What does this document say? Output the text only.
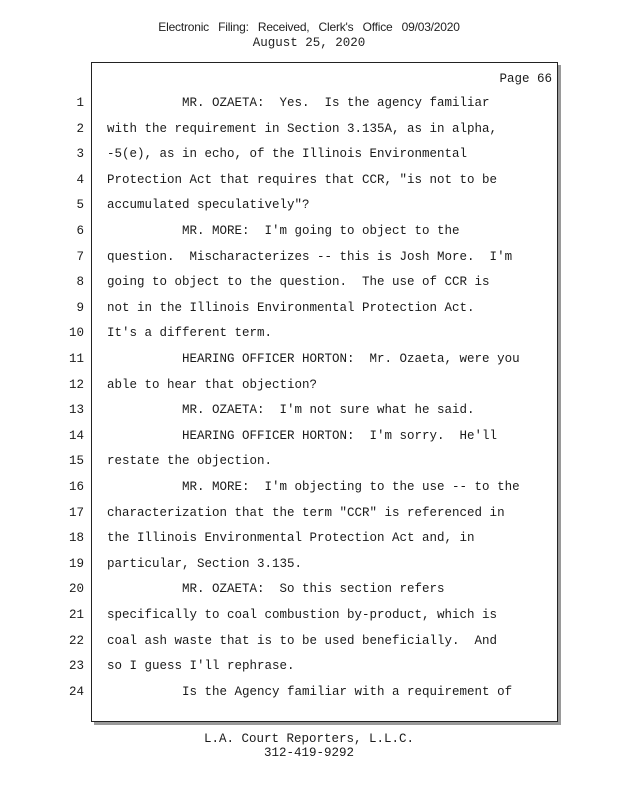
Electronic Filing: Received, Clerk's Office 09/03/2020
August 25, 2020
Page 66
1 MR. OZAETA:  Yes.  Is the agency familiar
2 with the requirement in Section 3.135A, as in alpha,
3 -5(e), as in echo, of the Illinois Environmental
4 Protection Act that requires that CCR, "is not to be
5 accumulated speculatively"?
6 MR. MORE:  I'm going to object to the
7 question.  Mischaracterizes -- this is Josh More.  I'm
8 going to object to the question.  The use of CCR is
9 not in the Illinois Environmental Protection Act.
10 It's a different term.
11 HEARING OFFICER HORTON:  Mr. Ozaeta, were you
12 able to hear that objection?
13 MR. OZAETA:  I'm not sure what he said.
14 HEARING OFFICER HORTON:  I'm sorry.  He'll
15 restate the objection.
16 MR. MORE:  I'm objecting to the use -- to the
17 characterization that the term "CCR" is referenced in
18 the Illinois Environmental Protection Act and, in
19 particular, Section 3.135.
20 MR. OZAETA:  So this section refers
21 specifically to coal combustion by-product, which is
22 coal ash waste that is to be used beneficially.  And
23 so I guess I'll rephrase.
24 Is the Agency familiar with a requirement of
L.A. Court Reporters, L.L.C.
312-419-9292
